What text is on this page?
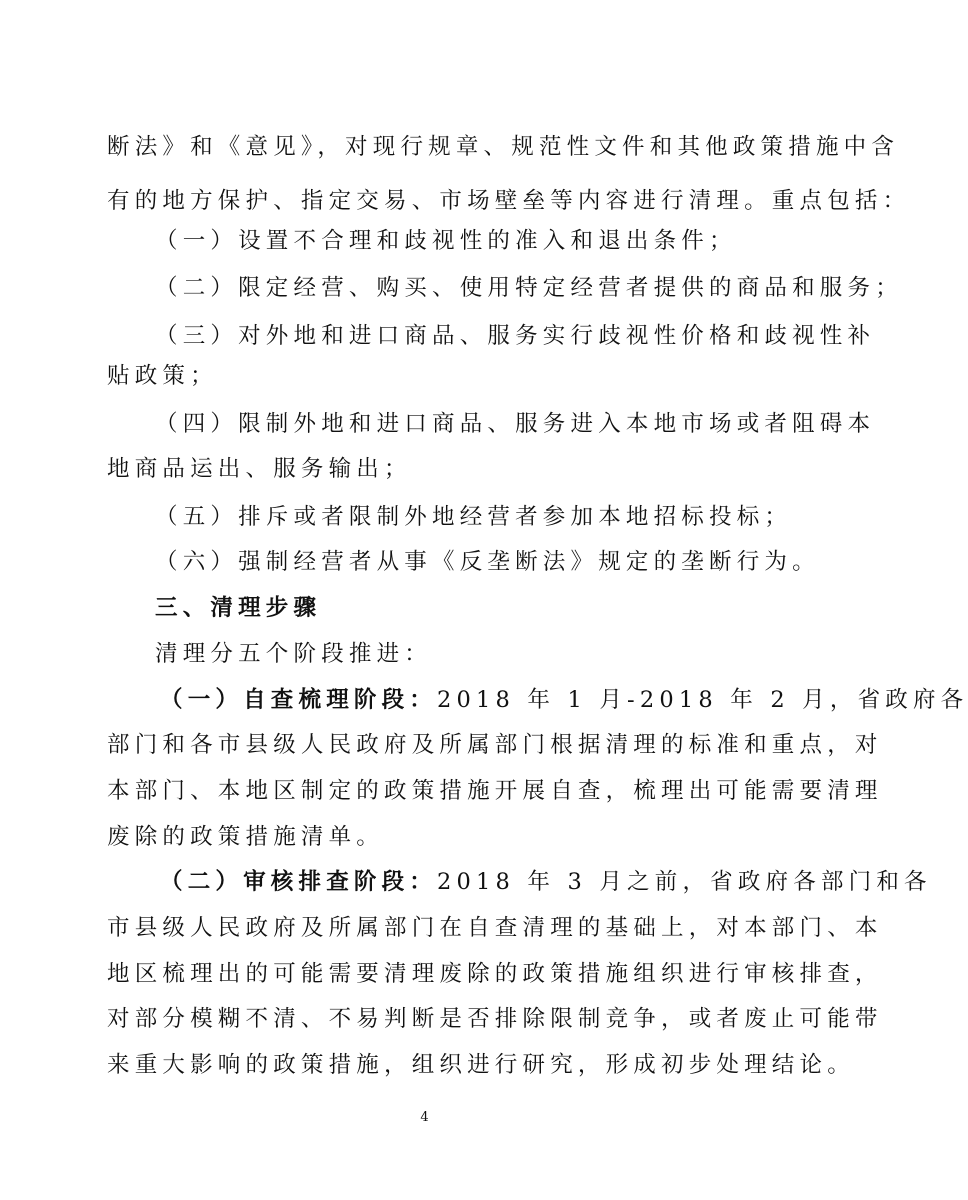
断法》和《意见》，对现行规章、规范性文件和其他政策措施中含
有的地方保护、指定交易、市场壁垒等内容进行清理。重点包括：
（一）设置不合理和歧视性的准入和退出条件；
（二）限定经营、购买、使用特定经营者提供的商品和服务；
（三）对外地和进口商品、服务实行歧视性价格和歧视性补
贴政策；
（四）限制外地和进口商品、服务进入本地市场或者阻碍本
地商品运出、服务输出；
（五）排斥或者限制外地经营者参加本地招标投标；
（六）强制经营者从事《反垄断法》规定的垄断行为。
三、清理步骤
清理分五个阶段推进：
（一）自查梳理阶段：2018 年 1 月-2018 年 2 月，省政府各
部门和各市县级人民政府及所属部门根据清理的标准和重点，对
本部门、本地区制定的政策措施开展自查，梳理出可能需要清理
废除的政策措施清单。
（二）审核排查阶段：2018 年 3 月之前，省政府各部门和各
市县级人民政府及所属部门在自查清理的基础上，对本部门、本
地区梳理出的可能需要清理废除的政策措施组织进行审核排查，
对部分模糊不清、不易判断是否排除限制竞争，或者废止可能带
来重大影响的政策措施，组织进行研究，形成初步处理结论。
4
